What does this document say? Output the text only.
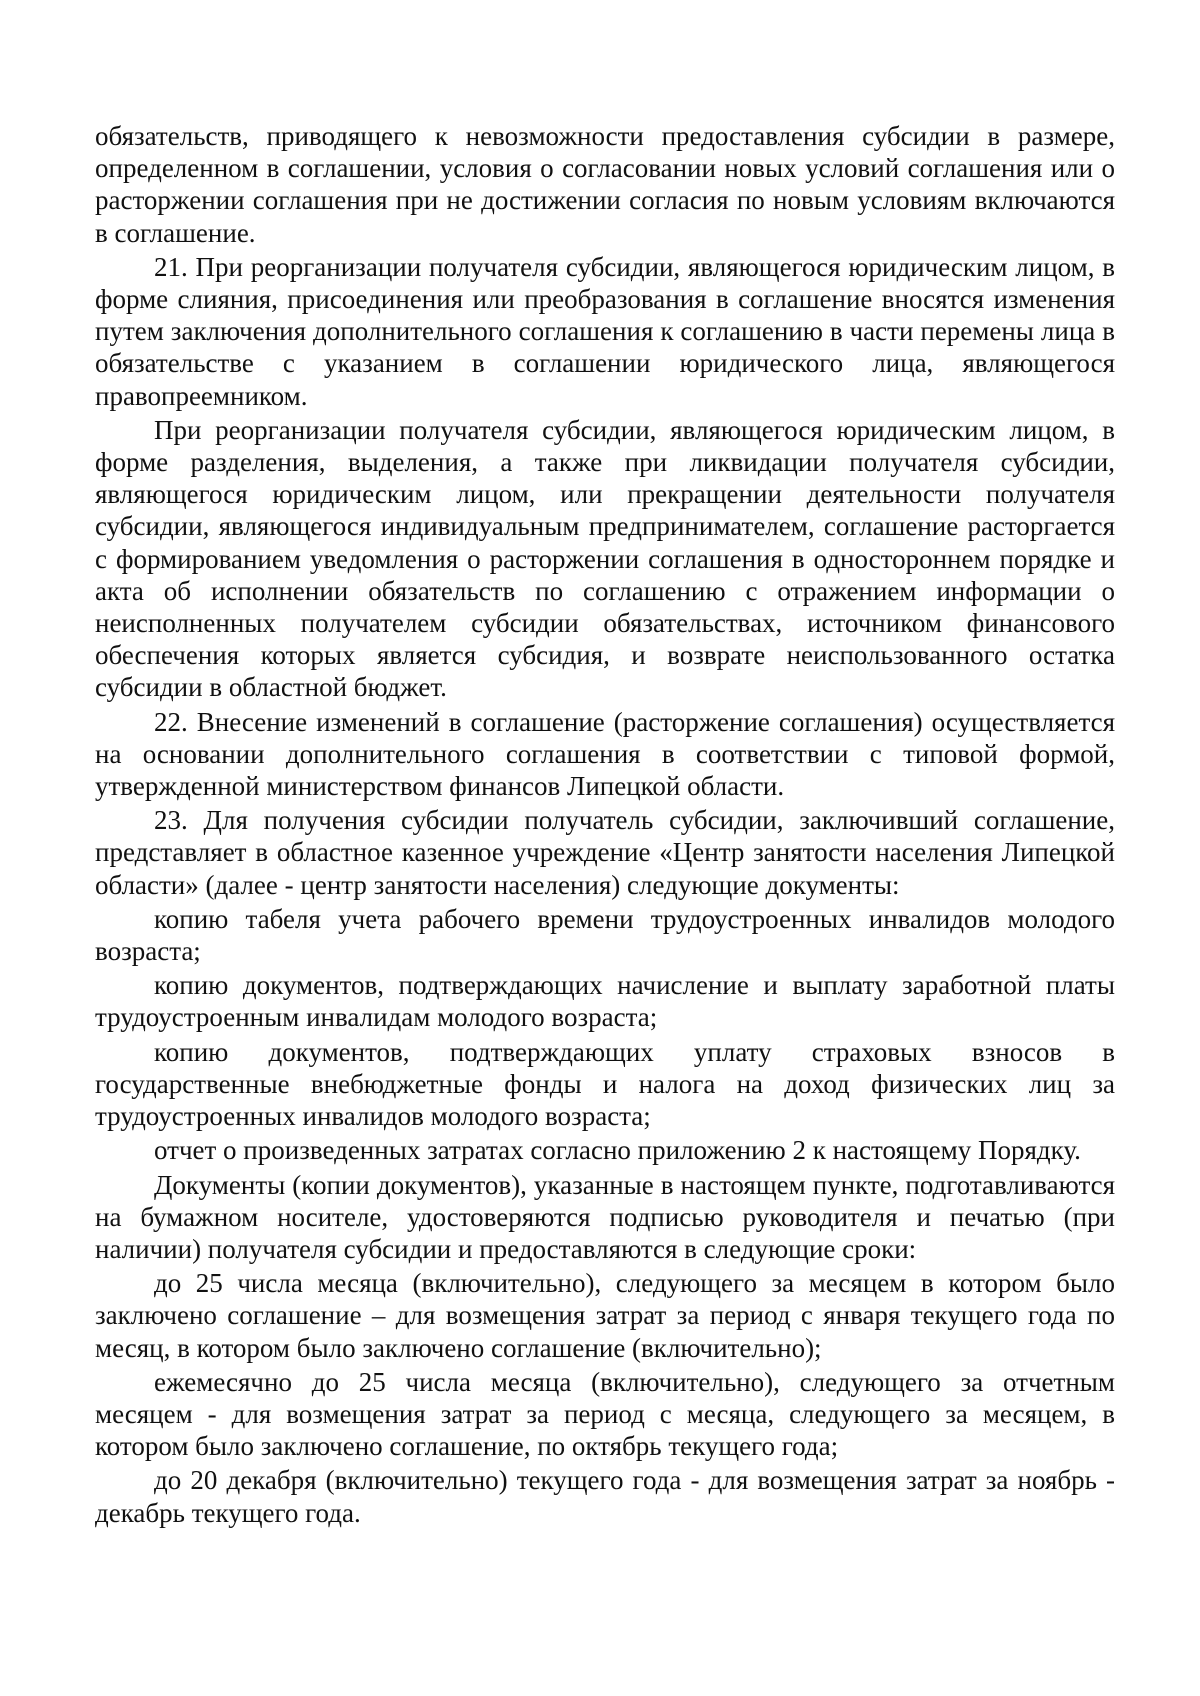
обязательств, приводящего к невозможности предоставления субсидии в размере, определенном в соглашении, условия о согласовании новых условий соглашения или о расторжении соглашения при не достижении согласия по новым условиям включаются в соглашение.

21. При реорганизации получателя субсидии, являющегося юридическим лицом, в форме слияния, присоединения или преобразования в соглашение вносятся изменения путем заключения дополнительного соглашения к соглашению в части перемены лица в обязательстве с указанием в соглашении юридического лица, являющегося правопреемником.

При реорганизации получателя субсидии, являющегося юридическим лицом, в форме разделения, выделения, а также при ликвидации получателя субсидии, являющегося юридическим лицом, или прекращении деятельности получателя субсидии, являющегося индивидуальным предпринимателем, соглашение расторгается с формированием уведомления о расторжении соглашения в одностороннем порядке и акта об исполнении обязательств по соглашению с отражением информации о неисполненных получателем субсидии обязательствах, источником финансового обеспечения которых является субсидия, и возврате неиспользованного остатка субсидии в областной бюджет.

22. Внесение изменений в соглашение (расторжение соглашения) осуществляется на основании дополнительного соглашения в соответствии с типовой формой, утвержденной министерством финансов Липецкой области.

23. Для получения субсидии получатель субсидии, заключивший соглашение, представляет в областное казенное учреждение «Центр занятости населения Липецкой области» (далее - центр занятости населения) следующие документы:

копию табеля учета рабочего времени трудоустроенных инвалидов молодого возраста;

копию документов, подтверждающих начисление и выплату заработной платы трудоустроенным инвалидам молодого возраста;

копию документов, подтверждающих уплату страховых взносов в государственные внебюджетные фонды и налога на доход физических лиц за трудоустроенных инвалидов молодого возраста;

отчет о произведенных затратах согласно приложению 2 к настоящему Порядку.

Документы (копии документов), указанные в настоящем пункте, подготавливаются на бумажном носителе, удостоверяются подписью руководителя и печатью (при наличии) получателя субсидии и предоставляются в следующие сроки:

до 25 числа месяца (включительно), следующего за месяцем в котором было заключено соглашение – для возмещения затрат за период с января текущего года по месяц, в котором было заключено соглашение (включительно);

ежемесячно до 25 числа месяца (включительно), следующего за отчетным месяцем - для возмещения затрат за период с месяца, следующего за месяцем, в котором было заключено соглашение, по октябрь текущего года;

до 20 декабря (включительно) текущего года - для возмещения затрат за ноябрь - декабрь текущего года.
